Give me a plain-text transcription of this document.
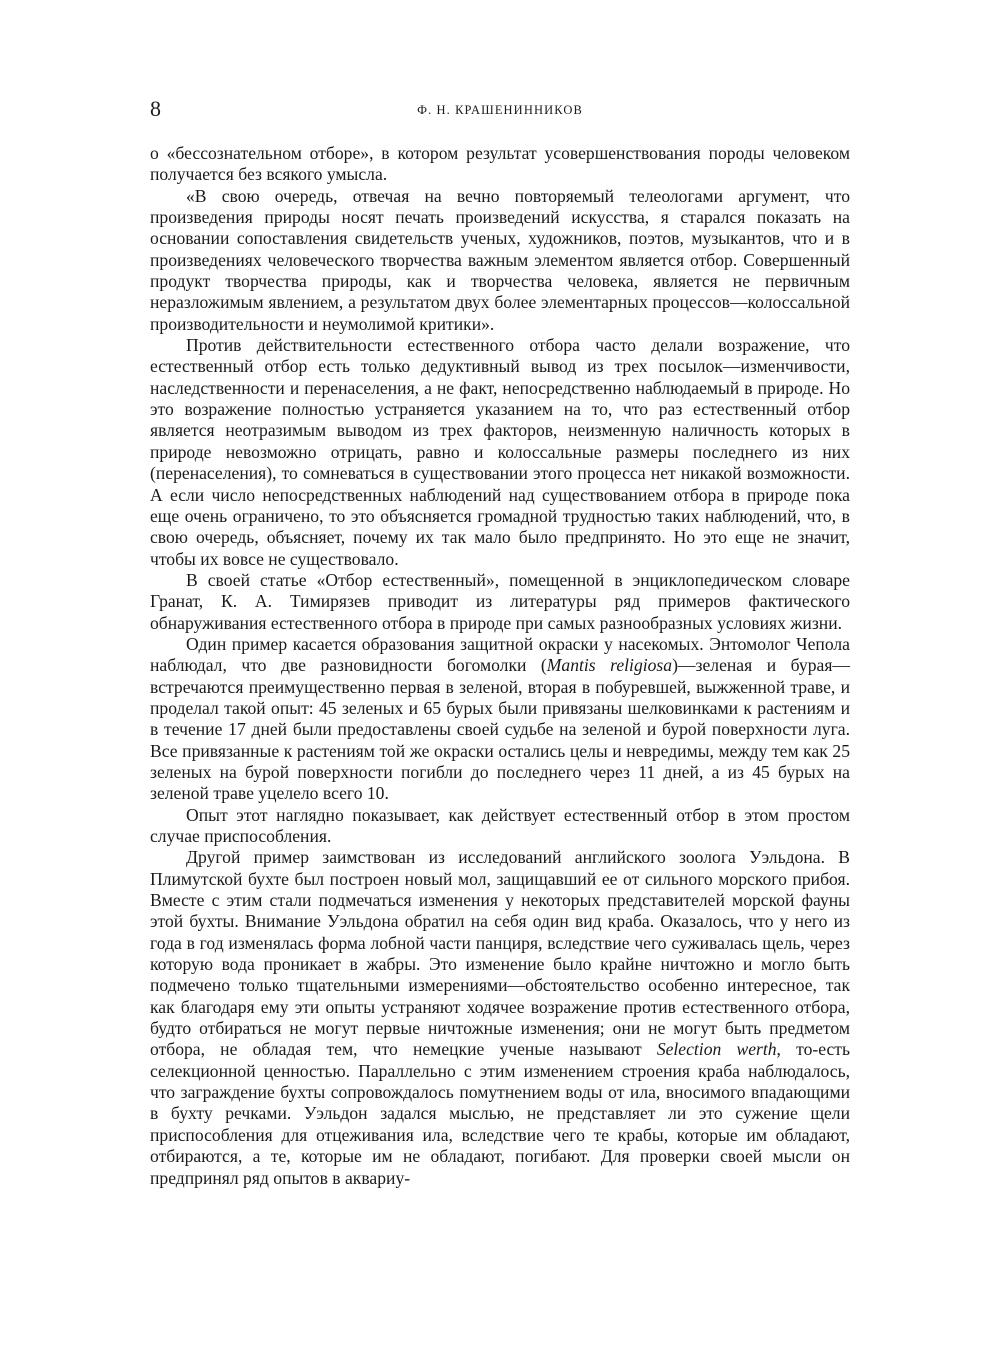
8	Ф. Н. КРАШЕНИННИКОВ

о «бессознательном отборе», в котором результат усовершенствования породы человеком получается без всякого умысла.

«В свою очередь, отвечая на вечно повторяемый телеологами аргумент, что произведения природы носят печать произведений искусства, я старался показать на основании сопоставления свидетельств ученых, художников, поэтов, музыкантов, что и в произведениях человеческого творчества важным элементом является отбор. Совершенный продукт творчества природы, как и творчества человека, является не первичным неразложимым явлением, а результатом двух более элементарных процессов—колоссальной производительности и неумолимой критики».

Против действительности естественного отбора часто делали возражение, что естественный отбор есть только дедуктивный вывод из трех посылок—изменчивости, наследственности и перенаселения, а не факт, непосредственно наблюдаемый в природе. Но это возражение полностью устраняется указанием на то, что раз естественный отбор является неотразимым выводом из трех факторов, неизменную наличность которых в природе невозможно отрицать, равно и колоссальные размеры последнего из них (перенаселения), то сомневаться в существовании этого процесса нет никакой возможности. А если число непосредственных наблюдений над существованием отбора в природе пока еще очень ограничено, то это объясняется громадной трудностью таких наблюдений, что, в свою очередь, объясняет, почему их так мало было предпринято. Но это еще не значит, чтобы их вовсе не существовало.

В своей статье «Отбор естественный», помещенной в энциклопедическом словаре Гранат, К. А. Тимирязев приводит из литературы ряд примеров фактического обнаруживания естественного отбора в природе при самых разнообразных условиях жизни.

Один пример касается образования защитной окраски у насекомых. Энтомолог Чепола наблюдал, что две разновидности богомолки (Mantis religiosa)—зеленая и бурая—встречаются преимущественно первая в зеленой, вторая в побуревшей, выжженной траве, и проделал такой опыт: 45 зеленых и 65 бурых были привязаны шелковинками к растениям и в течение 17 дней были предоставлены своей судьбе на зеленой и бурой поверхности луга. Все привязанные к растениям той же окраски остались целы и невредимы, между тем как 25 зеленых на бурой поверхности погибли до последнего через 11 дней, а из 45 бурых на зеленой траве уцелело всего 10.

Опыт этот наглядно показывает, как действует естественный отбор в этом простом случае приспособления.

Другой пример заимствован из исследований английского зоолога Уэльдона. В Плимутской бухте был построен новый мол, защищавший ее от сильного морского прибоя. Вместе с этим стали подмечаться изменения у некоторых представителей морской фауны этой бухты. Внимание Уэльдона обратил на себя один вид краба. Оказалось, что у него из года в год изменялась форма лобной части панциря, вследствие чего суживалась щель, через которую вода проникает в жабры. Это изменение было крайне ничтожно и могло быть подмечено только тщательными измерениями—обстоятельство особенно интересное, так как благодаря ему эти опыты устраняют ходячее возражение против естественного отбора, будто отбираться не могут первые ничтожные изменения; они не могут быть предметом отбора, не обладая тем, что немецкие ученые называют Selection werth, то-есть селекционной ценностью. Параллельно с этим изменением строения краба наблюдалось, что заграждение бухты сопровождалось помутнением воды от ила, вносимого впадающими в бухту речками. Уэльдон задался мыслью, не представляет ли это сужение щели приспособления для отцеживания ила, вследствие чего те крабы, которые им обладают, отбираются, а те, которые им не обладают, погибают. Для проверки своей мысли он предпринял ряд опытов в аквариу-
